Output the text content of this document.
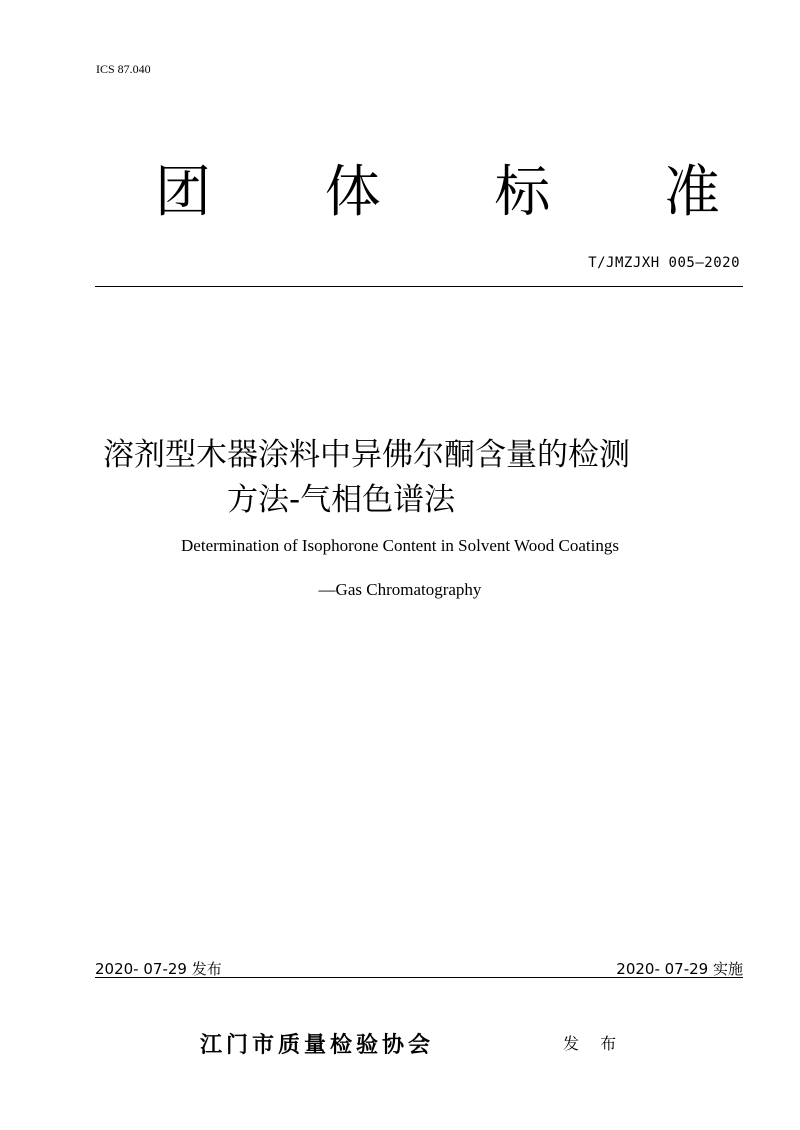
ICS 87.040
团 体 标 准
T/JMZJXH 005—2020
溶剂型木器涂料中异佛尔酮含量的检测
方法-气相色谱法
Determination of Isophorone Content in Solvent Wood Coatings
—Gas Chromatography
2020- 07-29 发布	2020- 07-29 实施
江门市质量检验协会	发 布
